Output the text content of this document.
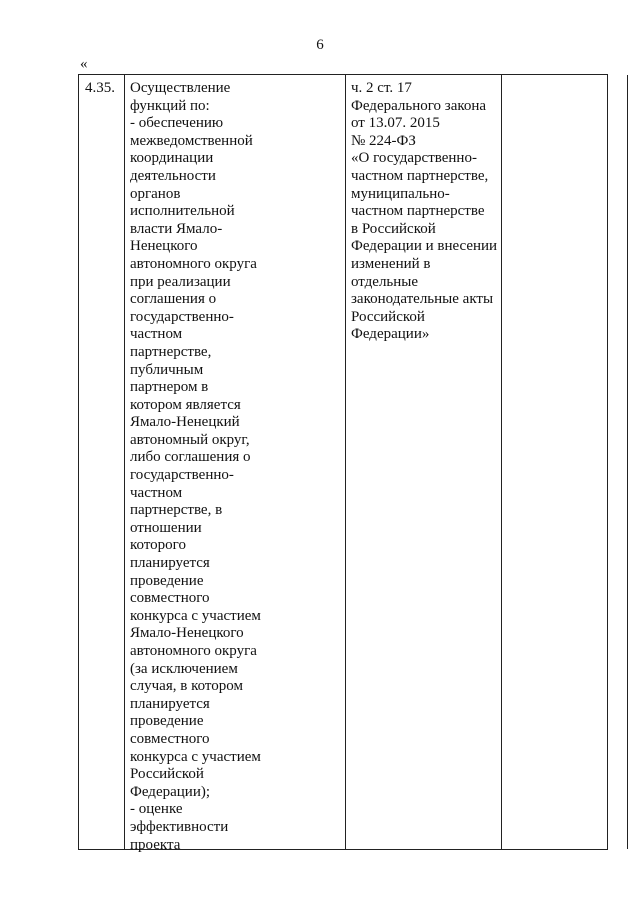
6
«
4.35. Осуществление
функций по:
- обеспечению
межведомственной
координации
деятельности
органов
исполнительной
власти Ямало-
Ненецкого
автономного округа
при реализации
соглашения о
государственно-
частном
партнерстве,
публичным
партнером в
котором является
Ямало-Ненецкий
автономный округ,
либо соглашения о
государственно-
частном
партнерстве, в
отношении
которого
планируется
проведение
совместного
конкурса с участием
Ямало-Ненецкого
автономного округа
(за исключением
случая, в котором
планируется
проведение
совместного
конкурса с участием
Российской
Федерации);
- оценке
эффективности
проекта
ч. 2 ст. 17
Федерального закона
от 13.07. 2015
№ 224-ФЗ
«О государственно-
частном партнерстве,
муниципально-
частном партнерстве
в Российской
Федерации и внесении
изменений в
отдельные
законодательные акты
Российской
Федерации»
